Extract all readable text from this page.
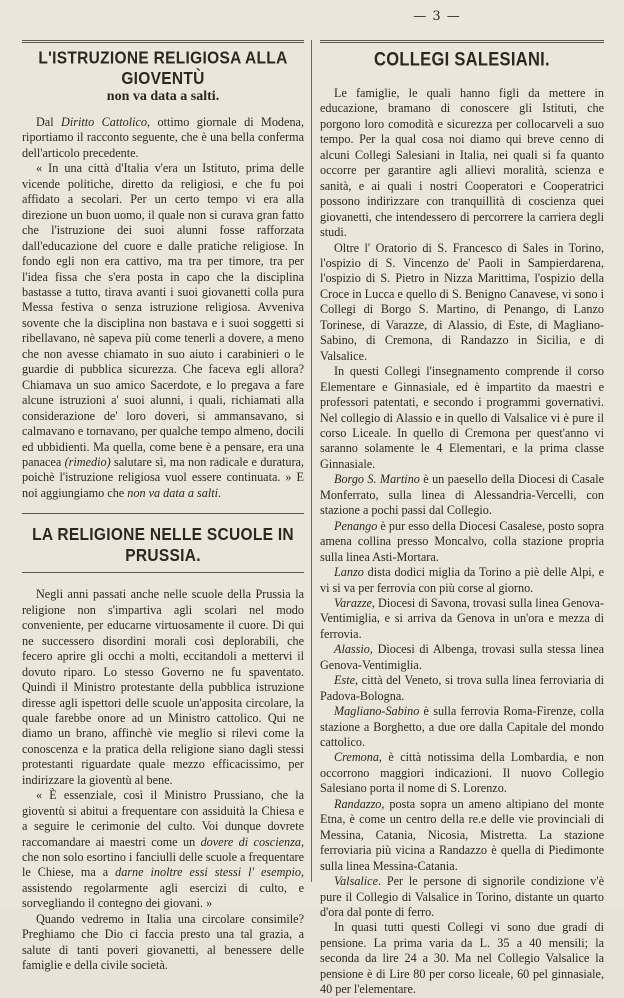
— 3 —
L'ISTRUZIONE RELIGIOSA ALLA GIOVENTÙ
non va data a salti.

Dal Diritto Cattolico, ottimo giornale di Modena, riportiamo il racconto seguente, che è una bella conferma dell'articolo precedente.

« In una città d'Italia v'era un Istituto, prima delle vicende politiche, diretto da religiosi, e che fu poi affidato a secolari. Per un certo tempo vi era alla direzione un buon uomo, il quale non si curava gran fatto che l'istruzione dei suoi alunni fosse rafforzata dall'educazione del cuore e dalle pratiche religiose. In fondo egli non era cattivo, ma tra per timore, tra per l'idea fissa che s'era posta in capo che la disciplina bastasse a tutto, tirava avanti i suoi giovanetti colla pura Messa festiva o senza istruzione religiosa. Avveniva sovente che la disciplina non bastava e i suoi soggetti si ribellavano, nè sapeva più come tenerli a dovere, a meno che non avesse chiamato in suo aiuto i carabinieri o le guardie di pubblica sicurezza. Che faceva egli allora? Chiamava un suo amico Sacerdote, e lo pregava a fare alcune istruzioni a' suoi alunni, i quali, richiamati alla considerazione de' loro doveri, si ammansavano, si calmavano e tornavano, per qualche tempo almeno, docili ed ubbidienti. Ma quella, come bene è a pensare, era una panacea (rimedio) salutare sì, ma non radicale e duratura, poichè l'istruzione religiosa vuol essere continuata. » E noi aggiungiamo che non va data a salti.

LA RELIGIONE NELLE SCUOLE IN PRUSSIA.

Negli anni passati anche nelle scuole della Prussia la religione non s'impartiva agli scolari nel modo conveniente, per educarne virtuosamente il cuore. Di qui ne successero disordini morali così deplorabili, che fecero aprire gli occhi a molti, eccitandoli a mettervi il dovuto riparo. Lo stesso Governo ne fu spaventato. Quindi il Ministro protestante della pubblica istruzione diresse agli ispettori delle scuole un'apposita circolare, la quale farebbe onore ad un Ministro cattolico. Qui ne diamo un brano, affinchè vie meglio si rilevi come la conoscenza e la pratica della religione siano dagli stessi protestanti riguardate quale mezzo efficacissimo, per indirizzare la gioventù al bene.

« È essenziale, così il Ministro Prussiano, che la gioventù si abitui a frequentare con assiduità la Chiesa e a seguire le cerimonie del culto. Voi dunque dovrete raccomandare ai maestri come un dovere di coscienza, che non solo esortino i fanciulli delle scuole a frequentare le Chiese, ma a darne inoltre essi stessi l' esempio, assistendo regolarmente agli esercizi di culto, e sorvegliando il contegno dei giovani. »

Quando vedremo in Italia una circolare consimile? Preghiamo che Dio ci faccia presto una tal grazia, a salute di tanti poveri giovanetti, al benessere delle famiglie e della civile società.

COLLEGI SALESIANI.

Le famiglie, le quali hanno figli da mettere in educazione, bramano di conoscere gli Istituti, che porgono loro comodità e sicurezza per collocarveli a suo tempo. Per la qual cosa noi diamo qui breve cenno di alcuni Collegi Salesiani in Italia, nei quali si fa quanto occorre per garantire agli allievi moralità, scienza e sanità, e ai quali i nostri Cooperatori e Cooperatrici possono indirizzare con tranquillità di coscienza quei giovanetti, che intendessero di percorrere la carriera degli studi.

Oltre l' Oratorio di S. Francesco di Sales in Torino, l'ospizio di S. Vincenzo de' Paoli in Sampierdarena, l'ospizio di S. Pietro in Nizza Marittima, l'ospizio della Croce in Lucca e quello di S. Benigno Canavese, vi sono i Collegi di Borgo S. Martino, di Penango, di Lanzo Torinese, di Varazze, di Alassio, di Este, di Magliano-Sabino, di Cremona, di Randazzo in Sicilia, e di Valsalice.

In questi Collegi l'insegnamento comprende il corso Elementare e Ginnasiale, ed è impartito da maestri e professori patentati, e secondo i programmi governativi. Nel collegio di Alassio e in quello di Valsalice vi è pure il corso Liceale. In quello di Cremona per quest'anno vi saranno solamente le 4 Elementari, e la prima classe Ginnasiale.

Borgo S. Martino è un paesello della Diocesi di Casale Monferrato, sulla linea di Alessandria-Vercelli, con stazione a pochi passi dal Collegio.

Penango è pur esso della Diocesi Casalese, posto sopra amena collina presso Moncalvo, colla stazione propria sulla linea Asti-Mortara.

Lanzo dista dodici miglia da Torino a piè delle Alpi, e vi si va per ferrovia con più corse al giorno.

Varazze, Diocesi di Savona, trovasi sulla linea Genova-Ventimiglia, e si arriva da Genova in un'ora e mezza di ferrovia.

Alassio, Diocesi di Albenga, trovasi sulla stessa linea Genova-Ventimiglia.

Este, città del Veneto, si trova sulla linea ferroviaria di Padova-Bologna.

Magliano-Sabino è sulla ferrovia Roma-Firenze, colla stazione a Borghetto, a due ore dalla Capitale del mondo cattolico.

Cremona, è città notissima della Lombardia, e non occorrono maggiori indicazioni. Il nuovo Collegio Salesiano porta il nome di S. Lorenzo.

Randazzo, posta sopra un ameno altipiano del monte Etna, è come un centro della re.e delle vie provinciali di Messina, Catania, Nicosia, Mistretta. La stazione ferroviaria più vicina a Randazzo è quella di Piedimonte sulla linea Messina-Catania.

Valsalice. Per le persone di signorile condizione v'è pure il Collegio di Valsalice in Torino, distante un quarto d'ora dal ponte di ferro.

In quasi tutti questi Collegi vi sono due gradi di pensione. La prima varia da L. 35 a 40 mensili; la seconda da lire 24 a 30. Ma nel Collegio Valsalice la pensione è di Lire 80 per corso liceale, 60 pel ginnasiale, 40 per l'elementare.
